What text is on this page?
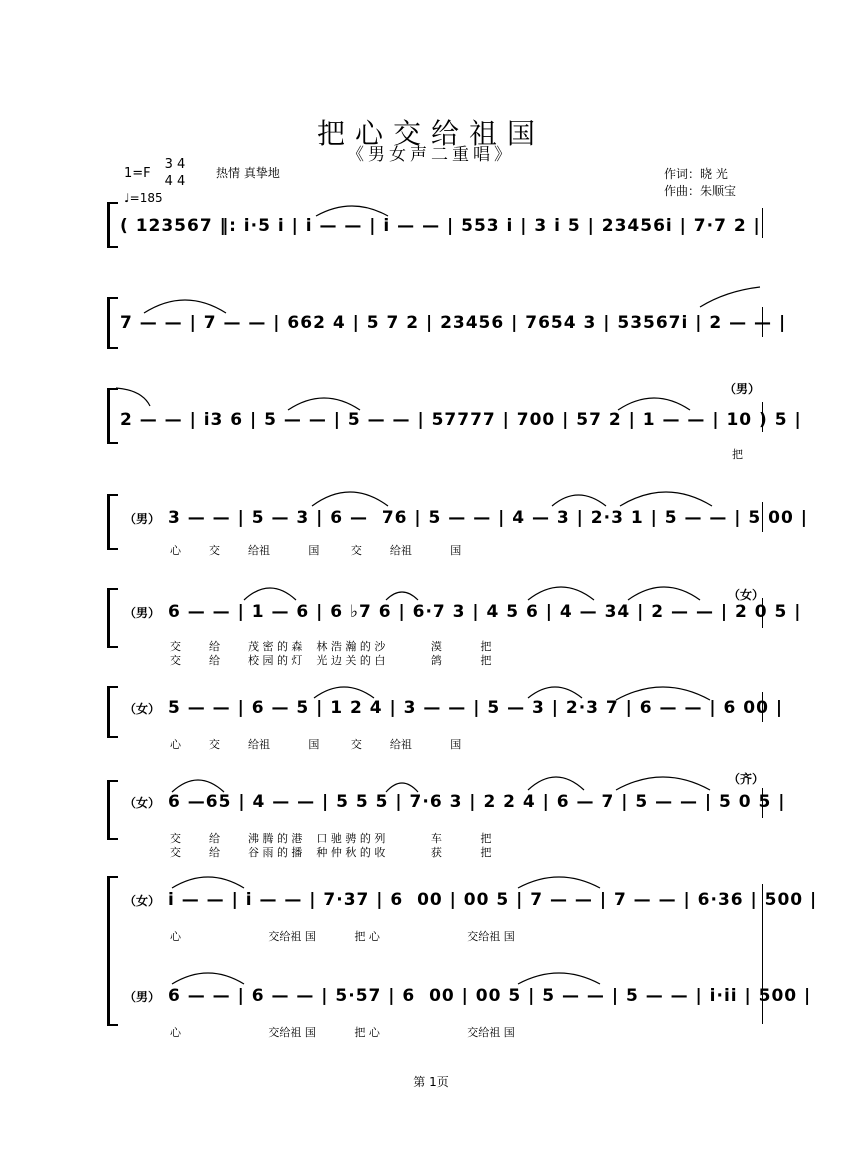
把心交给祖国
《男女声二重唱》
1=F
3 4
4 4
♩=185
热情 真挚地	作词：晓 光
作曲：朱顺宝
( 123567 ‖: i·5 i | i — — | i — — | 553 i | 3 i 5 | 23456i | 7·7 2 |
7 — — | 7 — — | 662 4 | 5 7 2 | 23456 | 7654 3 | 53567i | 2 — — |
（男）
2 — — | i3 6 | 5 — — | 5 — — | 57777 | 700 | 57 2 | 1 — — | 10 ) 5 |
把
（男） 3 — — | 5 — 3 | 6 —  76 | 5 — — | 4 — 3 | 2·3 1 | 5 — — | 5 00 |
心        交        给祖           国         交        给祖           国
（男）
（女）
6 — — | 1 — 6 | 6 ♭7 6 | 6·7 3 | 4 5 6 | 4 — 34 | 2 — — | 2 0 5 |
交        给        茂 密 的 森    林 浩 瀚 的 沙             漠           把
交        给        校 园 的 灯    光 边 关 的 白             鸽           把
（女） 5 — — | 6 — 5 | 1 2 4 | 3 — — | 5 — 3 | 2·3 7 | 6 — — | 6 00 |
心        交        给祖           国         交        给祖           国
（女）
（齐）
6 —65 | 4 — — | 5 5 5 | 7·6 3 | 2 2 4 | 6 — 7 | 5 — — | 5 0 5 |
交        给        沸 腾 的 港    口 驰 骋 的 列             车           把
交        给        谷 雨 的 播    种 仲 秋 的 收             获           把
（女） i — — | i — — | 7·37 | 6  00 | 00 5 | 7 — — | 7 — — | 6·36 | 500 |
心                         交给祖 国           把 心                         交给祖 国
（男） 6 — — | 6 — — | 5·57 | 6  00 | 00 5 | 5 — — | 5 — — | i·ii | 500 |
心                         交给祖 国           把 心                         交给祖 国
第 1页
